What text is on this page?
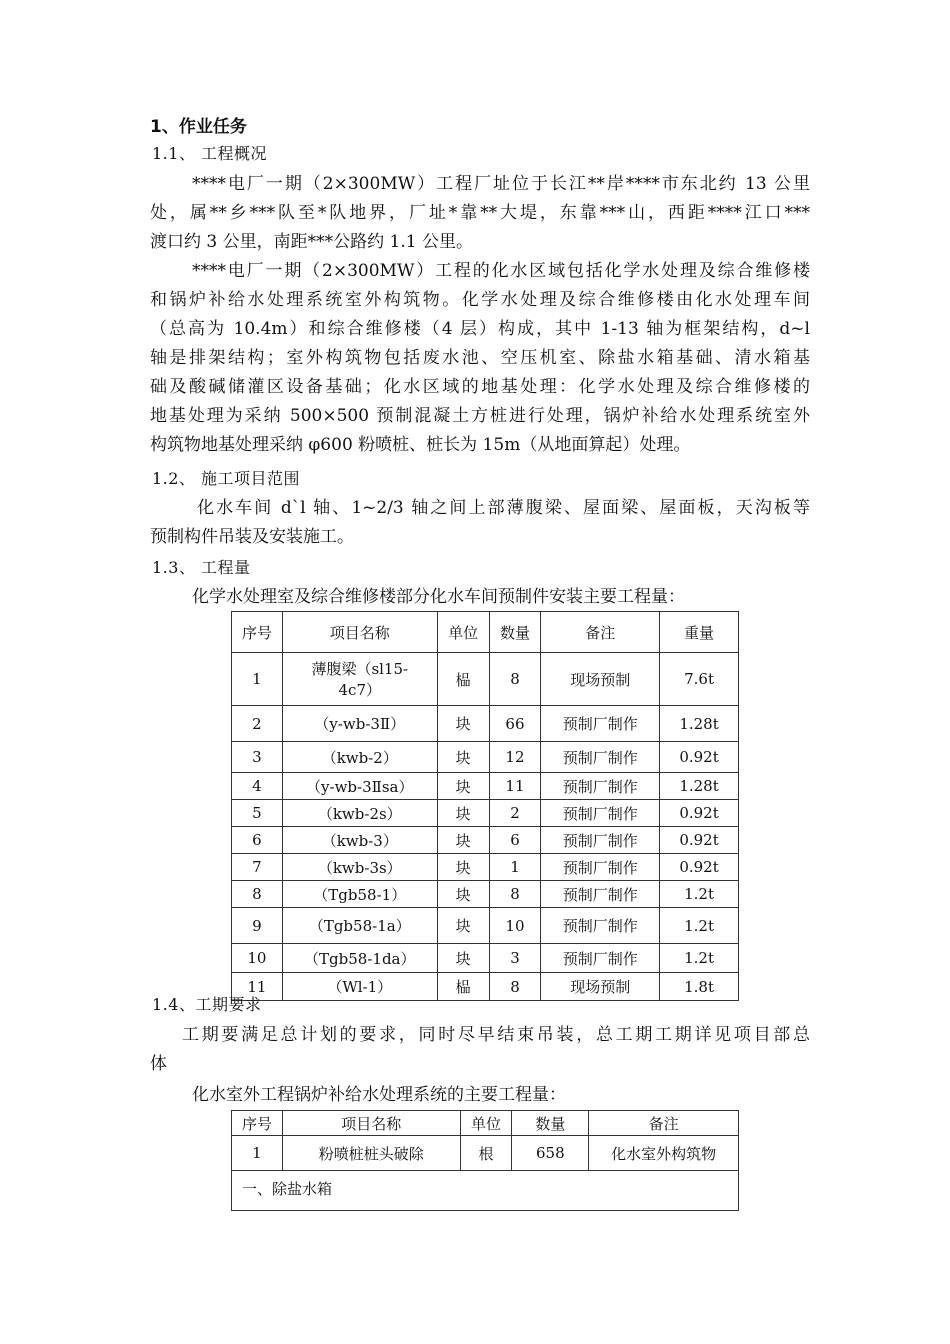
1、作业任务
1.1、 工程概况
****电厂一期（2×300MW）工程厂址位于长江**岸****市东北约 13 公里
处，属**乡***队至*队地界，厂址*靠**大堤，东靠***山，西距****江口***
渡口约 3 公里，南距***公路约 1.1 公里。
****电厂一期（2×300MW）工程的化水区域包括化学水处理及综合维修楼
和锅炉补给水处理系统室外构筑物。化学水处理及综合维修楼由化水处理车间
（总高为 10.4m）和综合维修楼（4 层）构成，其中 1-13 轴为框架结构，d~l
轴是排架结构；室外构筑物包括废水池、空压机室、除盐水箱基础、清水箱基
础及酸碱储灌区设备基础；化水区域的地基处理：化学水处理及综合维修楼的
地基处理为采纳 500×500 预制混凝土方桩进行处理，锅炉补给水处理系统室外
构筑物地基处理采纳 φ600 粉喷桩、桩长为 15m（从地面算起）处理。
1.2、 施工项目范围
化水车间 d`l 轴、1~2/3 轴之间上部薄腹梁、屋面梁、屋面板，天沟板等
预制构件吊装及安装施工。
1.3、 工程量
化学水处理室及综合维修楼部分化水车间预制件安装主要工程量：
序号	项目名称	单位	数量	备注	重量
1	薄腹梁（sl15-4c7）	榀	8	现场预制	7.6t
2	（y-wb-3Ⅱ）	块	66	预制厂制作	1.28t
3	（kwb-2）	块	12	预制厂制作	0.92t
4	（y-wb-3Ⅱsa）	块	11	预制厂制作	1.28t
5	（kwb-2s）	块	2	预制厂制作	0.92t
6	（kwb-3）	块	6	预制厂制作	0.92t
7	（kwb-3s）	块	1	预制厂制作	0.92t
8	（Tgb58-1）	块	8	预制厂制作	1.2t
9	（Tgb58-1a）	块	10	预制厂制作	1.2t
10	（Tgb58-1da）	块	3	预制厂制作	1.2t
11	（Wl-1）	榀	8	现场预制	1.8t
1.4、工期要求
工期要满足总计划的要求，同时尽早结束吊装，总工期工期详见项目部总
体
化水室外工程锅炉补给水处理系统的主要工程量：
序号	项目名称	单位	数量	备注
1	粉喷桩桩头破除	根	658	化水室外构筑物
一、除盐水箱				
